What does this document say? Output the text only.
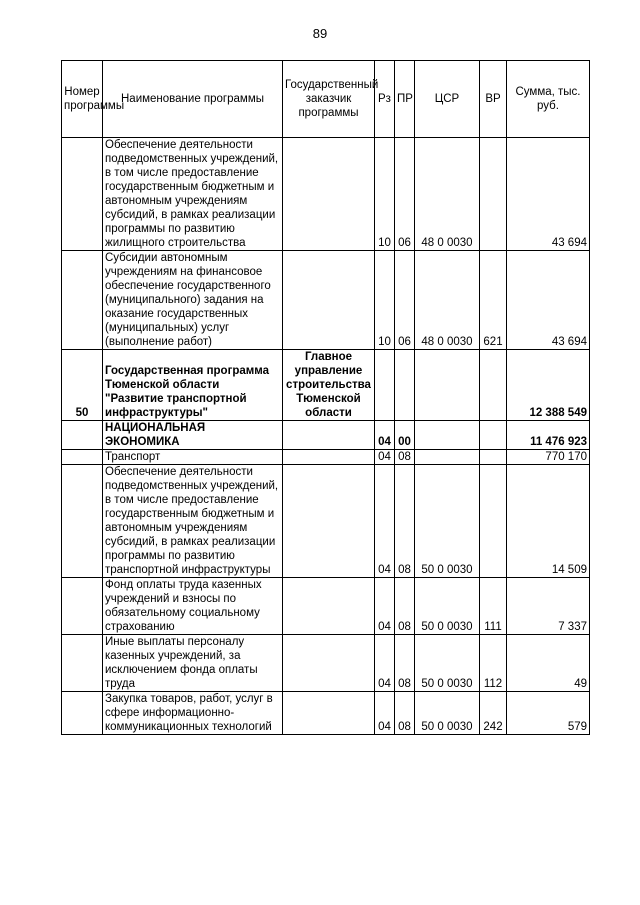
89
Номер программы	Наименование программы	Государственный заказчик программы	Рз	ПР	ЦСР	ВР	Сумма, тыс. руб.
	Обеспечение деятельности подведомственных учреждений, в том числе предоставление государственным бюджетным и автономным учреждениям субсидий, в рамках реализации программы по развитию жилищного строительства		10	06	48 0 0030		43 694
	Субсидии автономным учреждениям на финансовое обеспечение государственного (муниципального) задания на оказание государственных (муниципальных) услуг (выполнение работ)		10	06	48 0 0030	621	43 694
50	Государственная программа Тюменской области "Развитие транспортной инфраструктуры"	Главное управление строительства Тюменской области					12 388 549
	НАЦИОНАЛЬНАЯ ЭКОНОМИКА		04	00			11 476 923
	Транспорт		04	08			770 170
	Обеспечение деятельности подведомственных учреждений, в том числе предоставление государственным бюджетным и автономным учреждениям субсидий, в рамках реализации программы по развитию транспортной инфраструктуры		04	08	50 0 0030		14 509
	Фонд оплаты труда казенных учреждений и взносы по обязательному социальному страхованию		04	08	50 0 0030	111	7 337
	Иные выплаты персоналу казенных учреждений, за исключением фонда оплаты труда		04	08	50 0 0030	112	49
	Закупка товаров, работ, услуг в сфере информационно-коммуникационных технологий		04	08	50 0 0030	242	579
